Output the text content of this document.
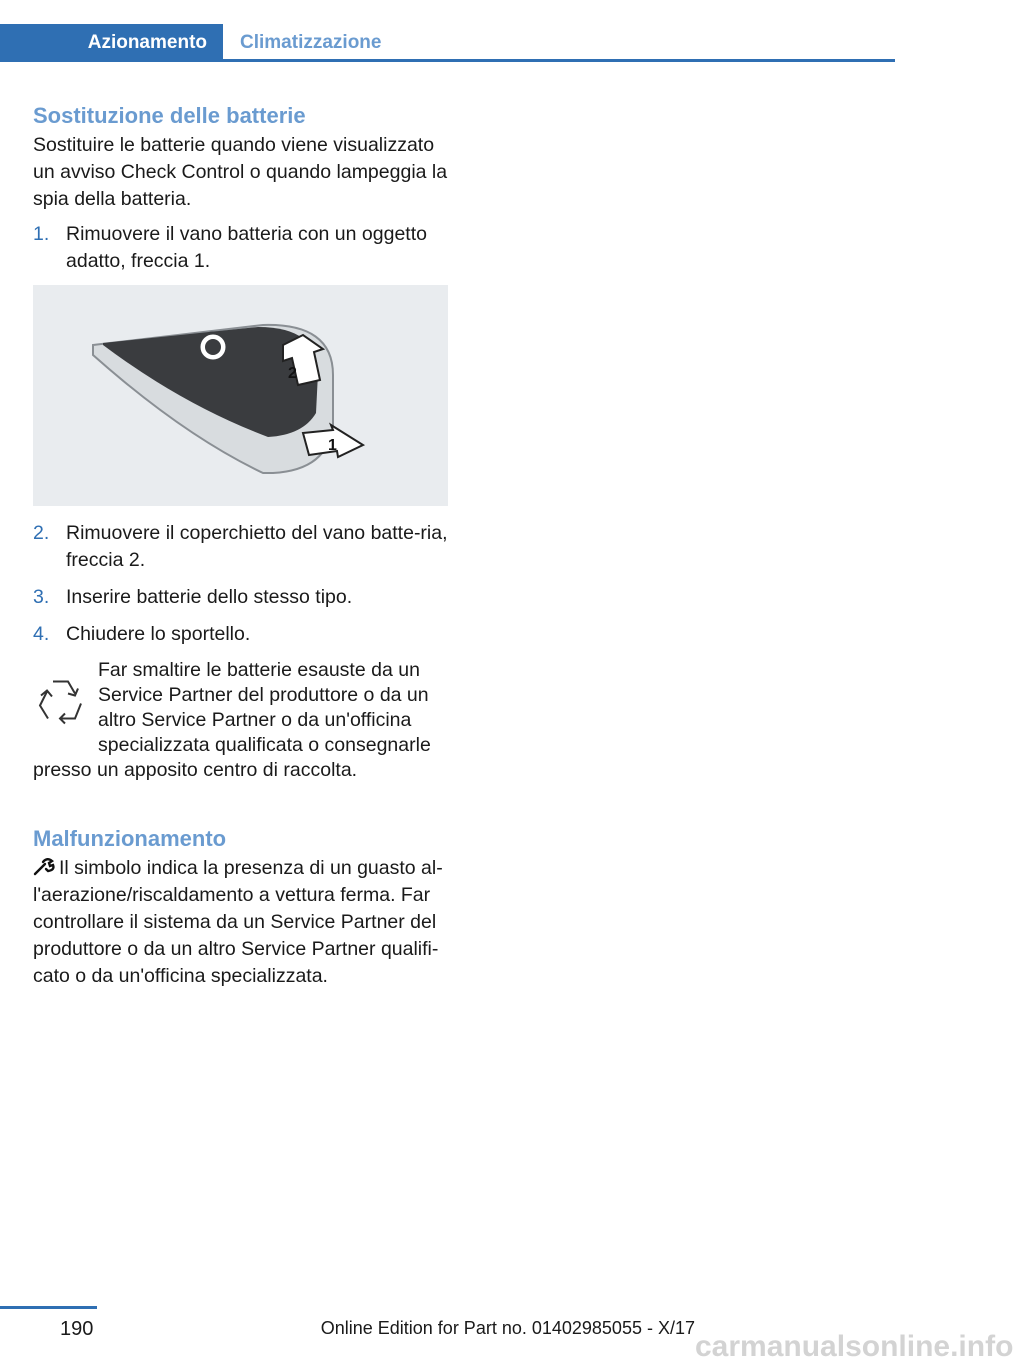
Azionamento	Climatizzazione
Sostituzione delle batterie

Sostituire le batterie quando viene visualizzato un avviso Check Control o quando lampeggia la spia della batteria.

1. Rimuovere il vano batteria con un oggetto adatto, freccia 1.
2
1
2. Rimuovere il coperchietto del vano batte-ria, freccia 2.
3. Inserire batterie dello stesso tipo.
4. Chiudere lo sportello.
Far smaltire le batterie esauste da un Service Partner del produttore o da un altro Service Partner o da un'officina specializzata qualificata o consegnarle presso un apposito centro di raccolta.
Malfunzionamento
Il simbolo indica la presenza di un guasto al-l'aerazione/riscaldamento a vettura ferma. Far controllare il sistema da un Service Partner del produttore o da un altro Service Partner qualifi-cato o da un'officina specializzata.
190	Online Edition for Part no. 01402985055 - X/17
carmanualsonline.info
